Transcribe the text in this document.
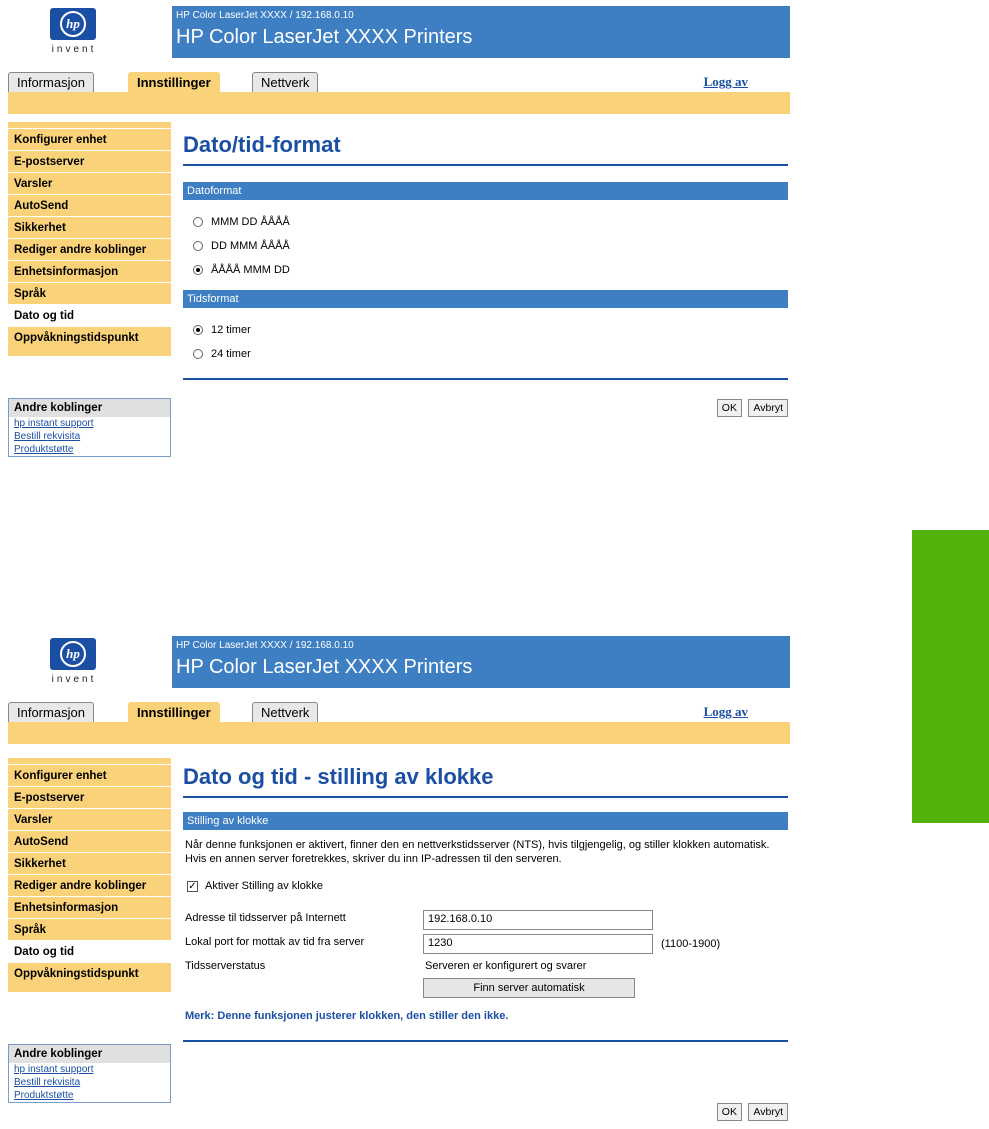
hp
invent
HP Color LaserJet XXXX / 192.168.0.10
HP Color LaserJet XXXX Printers
Informasjon	Innstillinger	Nettverk	Logg av
Konfigurer enhet
E-postserver
Varsler
AutoSend
Sikkerhet
Rediger andre koblinger
Enhetsinformasjon
Språk
Dato og tid
Oppvåkningstidspunkt
Andre koblinger
hp instant support
Bestill rekvisita
Produktstøtte
Dato/tid-format
Datoformat
MMM DD ÅÅÅÅ
DD MMM ÅÅÅÅ
ÅÅÅÅ MMM DD
Tidsformat
12 timer
24 timer
OK Avbryt
hp
invent
HP Color LaserJet XXXX / 192.168.0.10
HP Color LaserJet XXXX Printers
Informasjon	Innstillinger	Nettverk	Logg av
Konfigurer enhet
E-postserver
Varsler
AutoSend
Sikkerhet
Rediger andre koblinger
Enhetsinformasjon
Språk
Dato og tid
Oppvåkningstidspunkt
Andre koblinger
hp instant support
Bestill rekvisita
Produktstøtte
Dato og tid - stilling av klokke
Stilling av klokke
Når denne funksjonen er aktivert, finner den en nettverkstidsserver (NTS), hvis tilgjengelig, og stiller klokken automatisk. Hvis en annen server foretrekkes, skriver du inn IP-adressen til den serveren.
✓ Aktiver Stilling av klokke
Adresse til tidsserver på Internett	192.168.0.10
Lokal port for mottak av tid fra server	1230	(1100-1900)
Tidsserverstatus	Serveren er konfigurert og svarer
Finn server automatisk
Merk: Denne funksjonen justerer klokken, den stiller den ikke.
OK Avbryt
